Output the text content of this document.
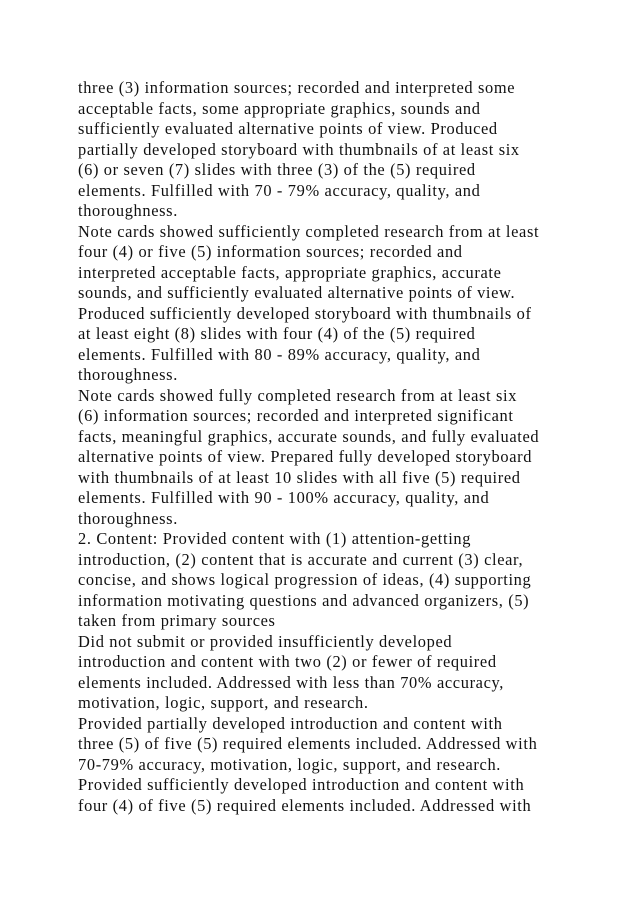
three (3) information sources; recorded and interpreted some
acceptable facts, some appropriate graphics, sounds and
sufficiently evaluated alternative points of view. Produced
partially developed storyboard with thumbnails of at least six
(6) or seven (7) slides with three (3) of the (5) required
elements. Fulfilled with 70 - 79% accuracy, quality, and
thoroughness.
Note cards showed sufficiently completed research from at least
four (4) or five (5) information sources; recorded and
interpreted acceptable facts, appropriate graphics, accurate
sounds, and sufficiently evaluated alternative points of view.
Produced sufficiently developed storyboard with thumbnails of
at least eight (8) slides with four (4) of the (5) required
elements. Fulfilled with 80 - 89% accuracy, quality, and
thoroughness.
Note cards showed fully completed research from at least six
(6) information sources; recorded and interpreted significant
facts, meaningful graphics, accurate sounds, and fully evaluated
alternative points of view. Prepared fully developed storyboard
with thumbnails of at least 10 slides with all five (5) required
elements. Fulfilled with 90 - 100% accuracy, quality, and
thoroughness.
2. Content: Provided content with (1) attention-getting
introduction, (2) content that is accurate and current (3) clear,
concise, and shows logical progression of ideas, (4) supporting
information motivating questions and advanced organizers, (5)
taken from primary sources
Did not submit or provided insufficiently developed
introduction and content with two (2) or fewer of required
elements included. Addressed with less than 70% accuracy,
motivation, logic, support, and research.
Provided partially developed introduction and content with
three (5) of five (5) required elements included. Addressed with
70-79% accuracy, motivation, logic, support, and research.
Provided sufficiently developed introduction and content with
four (4) of five (5) required elements included. Addressed with
